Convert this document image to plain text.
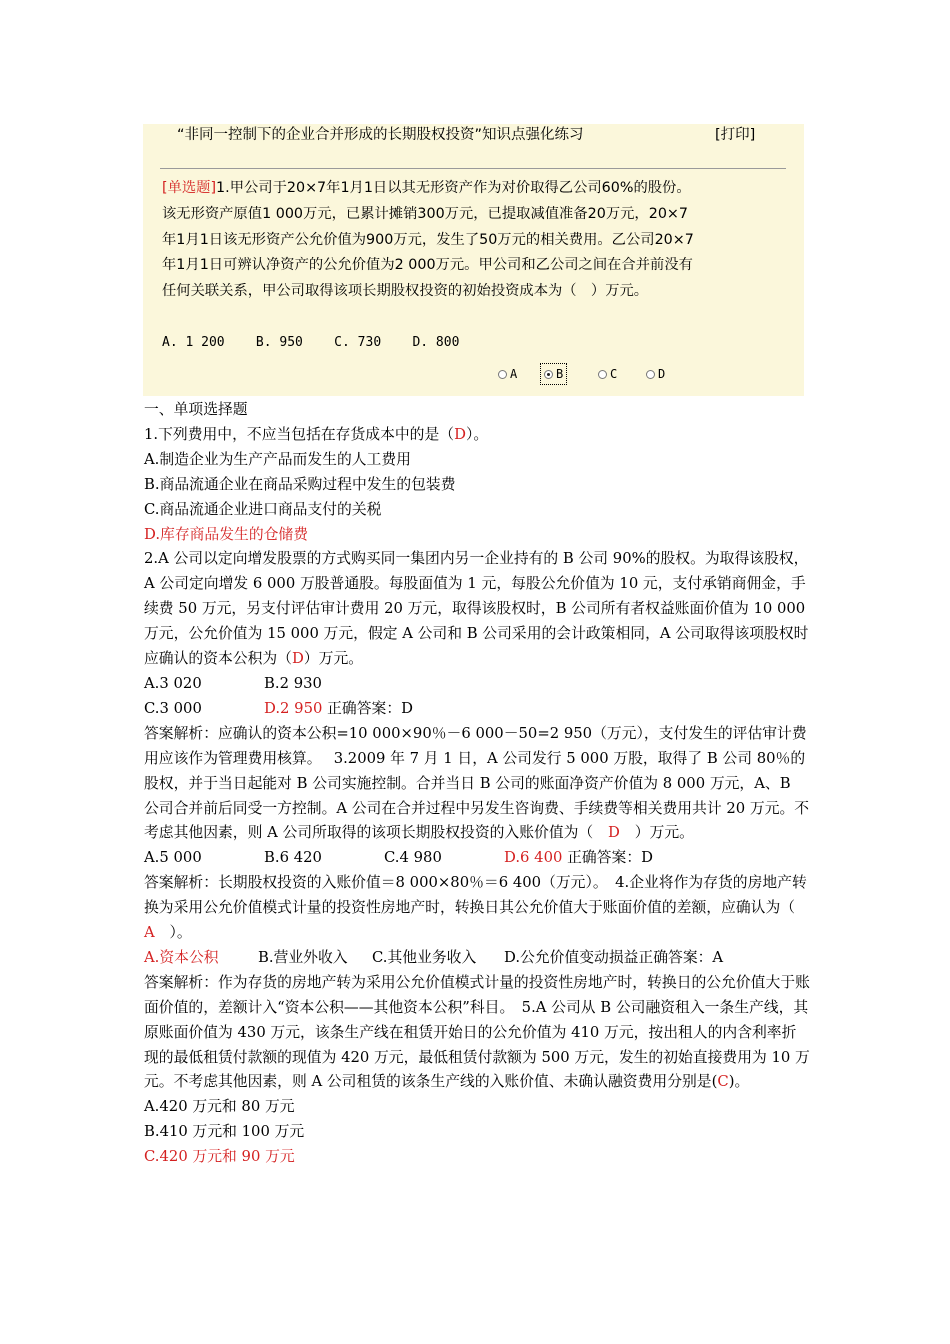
“非同一控制下的企业合并形成的长期股权投资”知识点强化练习	[打印]
[单选题]1.甲公司于20×7年1月1日以其无形资产作为对价取得乙公司60%的股份。该无形资产原值1 000万元，已累计摊销300万元，已提取减值准备20万元，20×7年1月1日该无形资产公允价值为900万元，发生了50万元的相关费用。乙公司20×7年1月1日可辨认净资产的公允价值为2 000万元。甲公司和乙公司之间在合并前没有任何关联关系，甲公司取得该项长期股权投资的初始投资成本为（　）万元。
A. 1 200    B. 950    C. 730    D. 800
A	B	C	D

一、单项选择题

1.下列费用中，不应当包括在存货成本中的是（D）。

A.制造企业为生产产品而发生的人工费用

B.商品流通企业在商品采购过程中发生的包装费

C.商品流通企业进口商品支付的关税

D.库存商品发生的仓储费

2.A 公司以定向增发股票的方式购买同一集团内另一企业持有的 B 公司 90%的股权。为取得该股权，A 公司定向增发 6 000 万股普通股。每股面值为 1 元，每股公允价值为 10 元，支付承销商佣金，手续费 50 万元，另支付评估审计费用 20 万元，取得该股权时，B 公司所有者权益账面价值为 10 000 万元，公允价值为 15 000 万元，假定 A 公司和 B 公司采用的会计政策相同，A 公司取得该项股权时应确认的资本公积为（D）万元。

A.3 020	B.2 930

C.3 000	D.2 950 正确答案：D

答案解析：应确认的资本公积=10 000×90％－6 000－50=2 950（万元），支付发生的评估审计费用应该作为管理费用核算。　 3.2009 年 7 月 1 日，A 公司发行 5 000 万股，取得了 B 公司 80％的股权，并于当日起能对 B 公司实施控制。合并当日 B 公司的账面净资产价值为 8 000 万元，A、B 公司合并前后同受一方控制。A 公司在合并过程中另发生咨询费、手续费等相关费用共计 20 万元。不考虑其他因素，则 A 公司所取得的该项长期股权投资的入账价值为（　 D　 ）万元。

A.5 000	B.6 420	C.4 980	D.6 400 正确答案：D

答案解析：长期股权投资的入账价值＝8 000×80％＝6 400（万元）。　 4.企业将作为存货的房地产转换为采用公允价值模式计量的投资性房地产时，转换日其公允价值大于账面价值的差额，应确认为（　A　 ）。

A.资本公积	B.营业外收入 C.其他业务收入 D.公允价值变动损益正确答案：A

答案解析：作为存货的房地产转为采用公允价值模式计量的投资性房地产时，转换日的公允价值大于账面价值的，差额计入“资本公积——其他资本公积”科目。　 5.A 公司从 B 公司融资租入一条生产线，其原账面价值为 430 万元，该条生产线在租赁开始日的公允价值为 410 万元，按出租人的内含利率折现的最低租赁付款额的现值为 420 万元，最低租赁付款额为 500 万元，发生的初始直接费用为 10 万元。不考虑其他因素，则 A 公司租赁的该条生产线的入账价值、未确认融资费用分别是(C)。

A.420 万元和 80 万元

B.410 万元和 100 万元

C.420 万元和 90 万元
